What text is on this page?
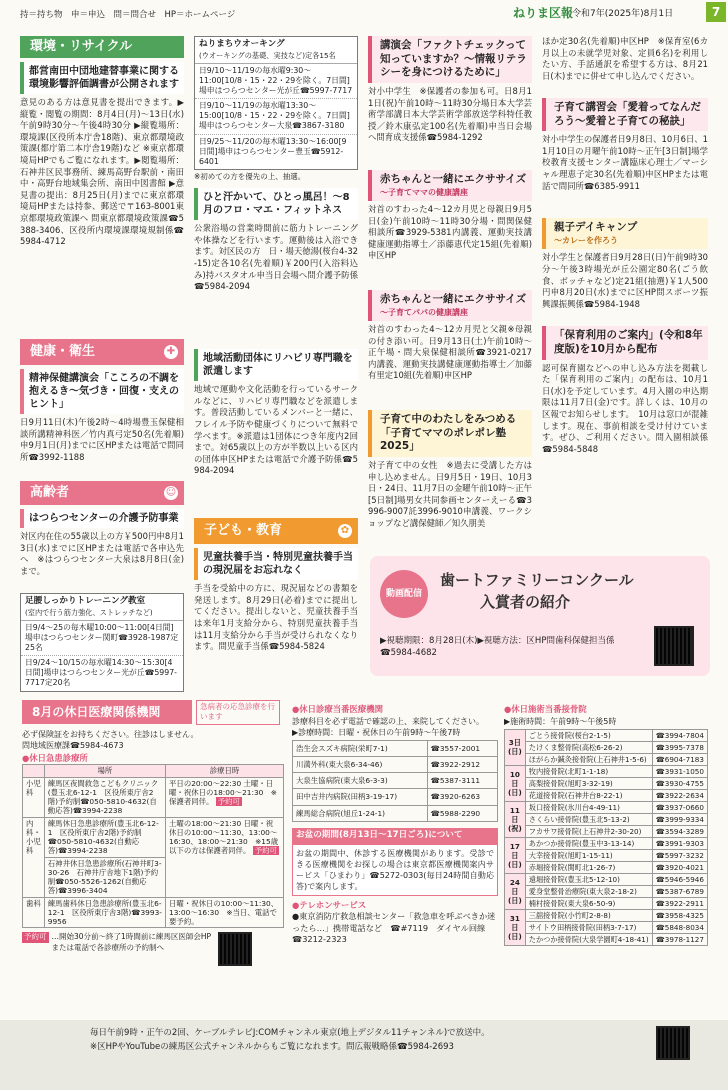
持＝持ち物　申＝申込　問＝問合せ　HP＝ホームページ	ねりま区報
令和7年(2025年)8月1日	7
環境・リサイクル
都営南田中団地建替事業に関する環境影響評価調書が公開されます
意見のある方は意見書を提出できます。▶縦覧・閲覧の期間：8月4日(月)〜13日(水)午前9時30分〜午後4時30分 ▶縦覧場所：環境課(区役所本庁舎18階)、東京都環境政策課(都庁第二本庁舎19階)など ※東京都環境局HPでもご覧になれます。▶閲覧場所：石神井区民事務所、練馬高野台駅前・南田中・高野台地域集会所、南田中図書館 ▶意見書の提出：8月25日(月)までに東京都環境局HPまたは持参、郵送で〒163-8001東京都環境政策課へ 問東京都環境政策課☎5388-3406、区役所内環境課環境規制係☎5984-4712
健康・衛生	✚
精神保健講演会「こころの不調を抱えるき〜気づき・回復・支えのヒント」
日9月11日(木)午後2時〜4時場豊玉保健相談所講精神科医／竹内真弓定50名(先着順)申9月1日(月)までに区HPまたは電話で問同所☎3992-1188
高齢者	☺
はつらつセンターの介護予防事業
対区内在住の55歳以上の方￥500円申8月13日(水)までに区HPまたは電話で各申込先へ　※はつらつセンター大泉は8月8日(金)まで。
足腰しっかりトレーニング教室
(室内で行う筋力強化、ストレッチなど)
日9/4〜25の毎木曜10:00〜11:00[4日間]場申はつらつセンター関町☎3928-1987定25名
日9/24〜10/15の毎水曜14:30〜15:30[4日間]場申はつらつセンター光が丘☎5997-7717定20名
ねりまちウオーキング
(ウオーキングの基礎、実技など)定各15名
日9/10〜11/19の毎水曜9:30〜11:00[10/8・15・22・29を除く。7日間]場申はつらつセンター光が丘☎5997-7717
日9/10〜11/19の毎水曜13:30〜15:00[10/8・15・22・29を除く。7日間]場申はつらつセンター大泉☎3867-3180
日9/25〜11/20の毎木曜13:30〜16:00[9日間]場申はつらつセンター豊玉☎5912-6401
※初めての方を優先の上、抽選。
ひと汗かいて、ひとっ風呂！〜8月のフロ・マエ・フィットネス
公衆浴場の営業時間前に筋力トレーニングや体操などを行います。運動後は入浴できます。対区民の方　日・場天徳湯(桜台4-32-15)定各10名(先着順)￥200円(入浴料込み)持バスタオル申当日会場へ問介護予防係☎5984-2094
地域活動団体にリハビリ専門職を派遣します
地域で運動や文化活動を行っているサークルなどに、リハビリ専門職などを派遣します。普段活動しているメンバーと一緒に、フレイル予防や健康づくりについて無料で学べます。※派遣は1団体につき年度内2回まで。対65歳以上の方が半数以上いる区内の団体申区HPまたは電話で介護予防係☎5984-2094
子ども・教育	✿
児童扶養手当・特別児童扶養手当の現況届をお忘れなく
手当を受給中の方に、現況届などの書類を発送します。8月29日(必着)までに提出してください。提出しないと、児童扶養手当は来年1月支給分から、特別児童扶養手当は11月支給分から手当が受けられなくなります。問児童手当係☎5984-5824
講演会「ファクトチェックって知っていますか？〜情報リテラシーを身につけるために」
対小中学生　※保護者の参加も可。日8月11日(祝)午前10時〜11時30分場日本大学芸術学部講日本大学芸術学部放送学科特任教授／鈴木康弘定100名(先着順)申当日会場へ問育成支援係☎5984-1292
赤ちゃんと一緒にエクササイズ
〜子育てママの健康講座
対首のすわった4〜12カ月児と母親日9月5日(金)午前10時〜11時30分場・問関保健相談所☎3929-5381内講義、運動実技講健康運動指導士／添藤恵代定15組(先着順)申区HP
赤ちゃんと一緒にエクササイズ
〜子育てパパの健康講座
対首のすわった4〜12カ月児と父親※母親の付き添い可。日9月13日(土)午前10時〜正午場・問大泉保健相談所☎3921-0217内講義、運動実技講健康運動指導士／加藤有里定10組(先着順)申区HP
子育て中のわたしをみつめる「子育てママのポレポレ塾2025」
対子育て中の女性　※過去に受講した方は申し込めません。日9月5日・19日、10月3日・24日、11月7日の金曜午前10時〜正午[5日制]場男女共同参画センターえーる☎3996-9007託3996-9010申講義、ワークショップなど講保健師／知久朋美
ほか定30名(先着順)申区HP　※保育室(6カ月以上の未就学児対象、定員6名)を利用したい方、手話通訳を希望する方は、8月21日(木)までに併せて申し込んでください。
子育て講習会「愛着ってなんだろう〜愛着と子育ての秘訣」
対小中学生の保護者日9月8日、10月6日、11月10日の月曜午前10時〜正午[3日制]場学校教育支援センター講臨床心理士／マーシャル理恵子定30名(先着順)申区HPまたは電話で問同所☎6385-9911
親子デイキャンプ
〜カレーを作ろう
対小学生と保護者日9月28日(日)午前9時30分〜午後3時場光が丘公園定80名(ごう飲食、ボッチャなど)定21組(抽選)￥1人500円申8月20日(水)までに区HP問スポーツ振興課振興係☎5984-1948
「保育利用のご案内」(令和8年度版)を10月から配布
認可保育園などへの申し込み方法を掲載した「保育利用のご案内」の配布は、10月1日(水)を予定しています。4月入園の申込期限は11月7日(金)です。詳しくは、10月の区報でお知らせします。　10月は窓口が混雑します。現在、事前相談を受け付けています。ぜひ、ご利用ください。問入園相談係☎5984-5848
動画配信
歯ートファミリーコンクール
入賞者の紹介
▶視聴期限：8月28日(木)▶視聴方法：区HP問歯科保健担当係☎5984-4682
8月の休日医療関係機関	急病者の応急診療を行います
必ず保険証をお持ちください。往診はしません。
問地域医療課☎5984-4673
●休日急患診療所
	場所	診療日時
小児科	練馬区夜間救急こどもクリニック(豊玉北6-12-1　区役所東庁舎2階)予約制☎050-5810-4632(自動応答)☎3994-2238	平日の20:00〜22:30 土曜・日曜・祝休日の18:00〜21:30　※保護者同伴。 予約可
内科・小児科	練馬休日急患診療所(豊玉北6-12-1　区役所東庁舎2階)予約制☎050-5810-4632(自動応答)☎3994-2238	土曜の18:00〜21:30 日曜・祝休日の10:00〜11:30、13:00〜16:30、18:00〜21:30　※15歳以下の方は保護者同伴。 予約可
	石神井休日急患診療所(石神井町3-30-26　石神井庁舎地下1階)予約制☎050-5526-1262(自動応答)☎3996-3404	
歯科	練馬歯科休日急患診療所(豊玉北6-12-1　区役所東庁舎3階)☎3993-9956	日曜・祝休日の10:00〜11:30、13:00〜16:30　※当日、電話で要予約。
予約可 …開始30分前〜終了1時間前に練馬区医師会HPまたは電話で各診療所の予約制へ
●休日診療当番医療機関
診療科目を必ず電話で確認の上、来院してください。
▶診療時間：日曜・祝休日の午前9時〜午後7時
浩生会スズキ病院(栄町7-1)	☎3557-2001
川満外科(東大泉6-34-46)	☎3922-2912
大泉生協病院(東大泉6-3-3)	☎5387-3111
田中吉井内病院(田柄3-19-17)	☎3920-6263
練馬総合病院(旭丘1-24-1)	☎5988-2290
お盆の期間(8月13日〜17日ごろ)について
お盆の期間中、休診する医療機関があります。受診できる医療機関をお探しの場合は東京都医療機関案内サービス「ひまわり」☎5272-0303(毎日24時間自動応答)で案内します。
●テレホンサービス
●東京消防庁救急相談センター「救急車を呼ぶべきか迷ったら…」携帯電話など　☎#7119　ダイヤル回線　☎3212-2323
●休日施術当番接骨院
▶施術時間：午前9時〜午後5時
3日(日)	ごとう接骨院(桜台2-1-5)	☎3994-7804
	たけくま整骨院(高松6-26-2)	☎3995-7378
	ほがらか鍼灸接骨院(上石神井1-5-6)	☎6904-7183
10日(日)	牧内接骨院(北町1-1-18)	☎3931-1050
	高梨接骨院(旭町3-32-19)	☎3930-4755
	花道接骨院(石神井台8-22-1)	☎3922-2634
11日(祝)	坂口接骨院(氷川台4-49-11)	☎3937-0660
	さくらい接骨院(豊玉北5-13-2)	☎3999-9334
	フカサワ接骨院(上石神井2-30-20)	☎3594-3289
17日(日)	あかつか接骨院(豊玉中3-13-14)	☎3991-9303
	大幸接骨院(旭町1-15-11)	☎5997-3232
	赤堀接骨院(関町北1-26-7)	☎3920-4021
24日(日)	遠堀接骨院(豊玉北5-12-10)	☎5946-5946
	愛身堂整骨治療院(東大泉2-18-2)	☎5387-6789
	楠村接骨院(東大泉6-50-9)	☎3922-2911
31日(日)	三舘接骨院(小竹町2-8-8)	☎3958-4325
	サイトウ田柄接骨院(田柄3-7-17)	☎5848-8034
	たかつか接骨院(大泉学園町4-18-41)	☎3978-1127
毎日午前9時・正午の2回、ケーブルテレビJ:COMチャンネル東京(地上デジタル11チャンネル)で放送中。
※区HPやYouTubeの練馬区公式チャンネルからもご覧になれます。問広報戦略係☎5984-2693
